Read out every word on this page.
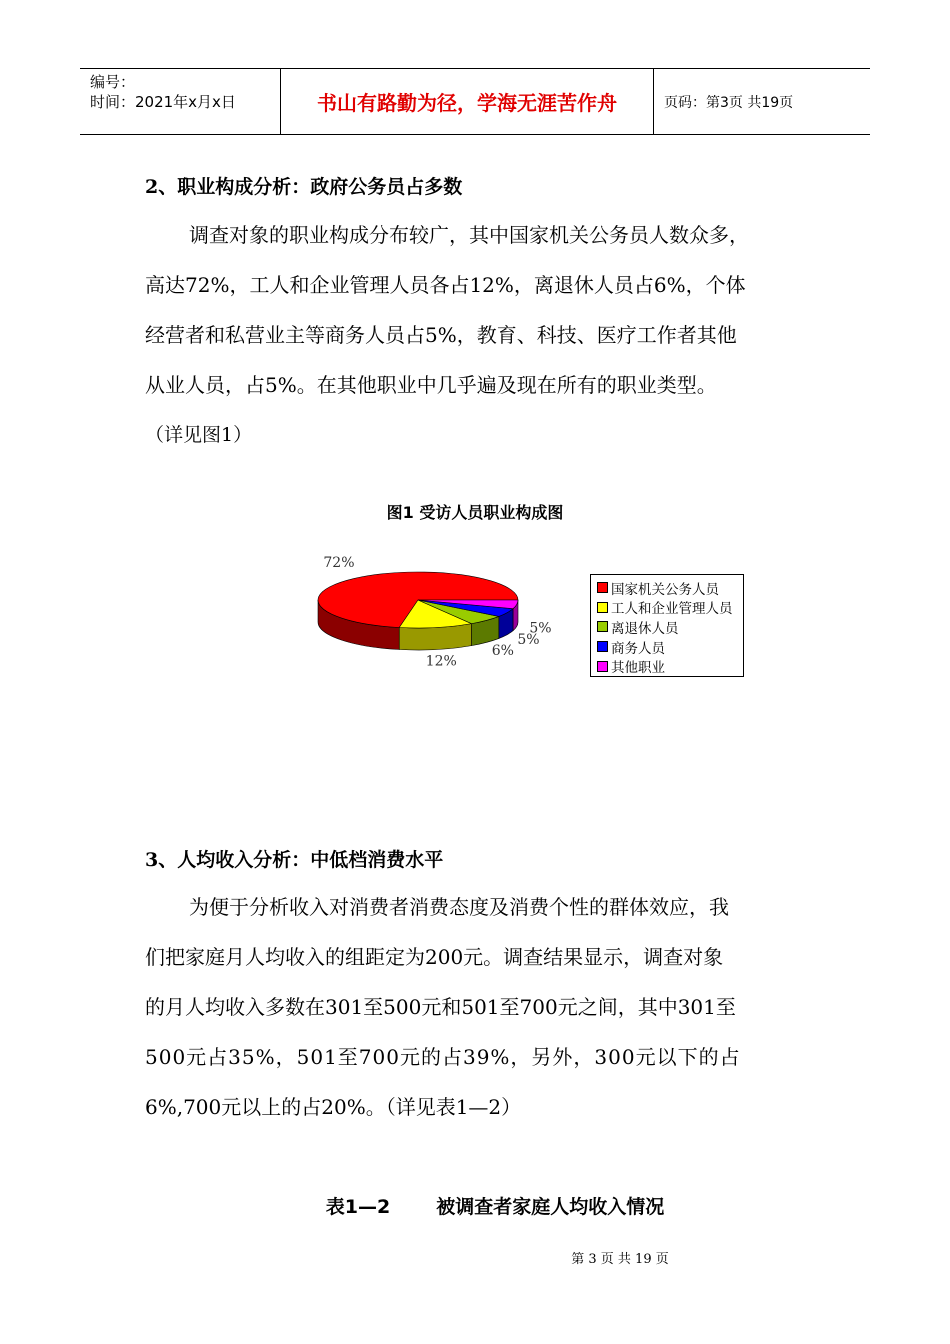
编号：
时间：2021年x月x日	书山有路勤为径，学海无涯苦作舟	页码：第3页 共19页
2、职业构成分析：政府公务员占多数

调查对象的职业构成分布较广，其中国家机关公务员人数众多，

高达72%，工人和企业管理人员各占12%，离退休人员占6%，个体

经营者和私营业主等商务人员占5%，教育、科技、医疗工作者其他

从业人员，占5%。在其他职业中几乎遍及现在所有的职业类型。

（详见图1）

图1 受访人员职业构成图
72%
12%
6%
5%
5%
国家机关公务人员
工人和企业管理人员
离退休人员
商务人员
其他职业
3、人均收入分析：中低档消费水平

为便于分析收入对消费者消费态度及消费个性的群体效应，我

们把家庭月人均收入的组距定为200元。调查结果显示，调查对象

的月人均收入多数在301至500元和501至700元之间，其中301至

500元占35%，501至700元的占39%，另外，300元以下的占

6%,700元以上的占20%。（详见表1—2）

表1—2 被调查者家庭人均收入情况
第 3 页 共 19 页
